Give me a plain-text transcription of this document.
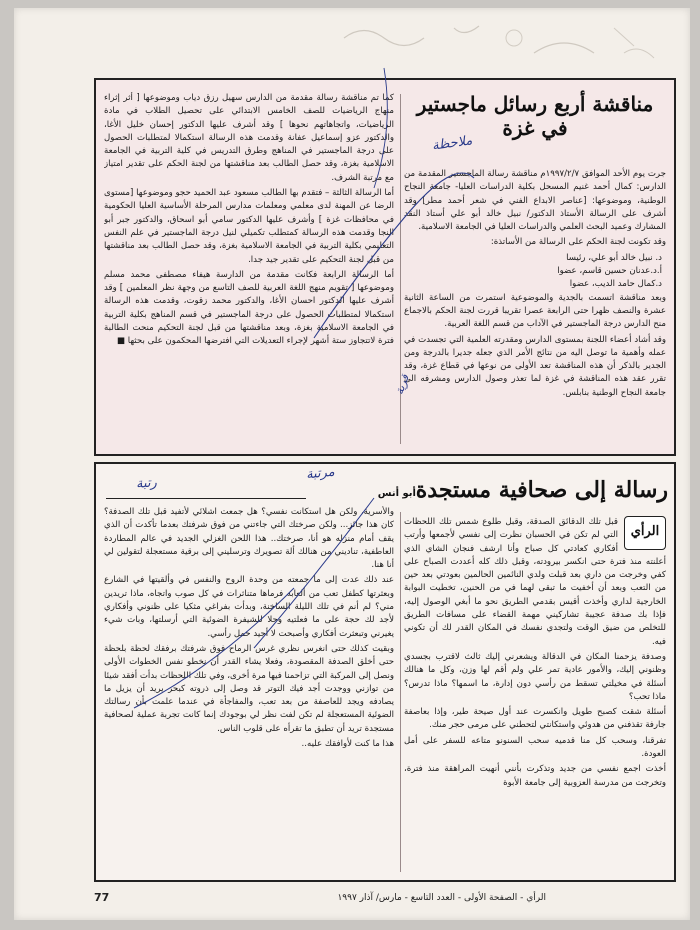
مناقشة أربع رسائل ماجستير في غزة

جرت يوم الأحد الموافق ١٩٩٧/٢/٧م مناقشة رسالة الماجستير المقدمة من الدارس: كمال أحمد غنيم المسحل بكلية الدراسات العليا- جامعة النجاح الوطنية، وموضوعها: [عناصر الابداع الفني في شعر أحمد مطر] وقد أشرف على الرسالة الأستاذ الدكتور/ نبيل خالد أبو علي أستاذ النقد المشارك وعميد البحث العلمي والدراسات العليا في الجامعة الاسلامية.

وقد تكونت لجنة الحكم على الرسالة من الأساتذة:

د. نبيل خالد أبو علي، رئيسا

أ.د.عدنان حسين قاسم، عضوا

د.كمال حامد الديب، عضوا

وبعد مناقشة اتسمت بالجدية والموضوعية استمرت من الساعة الثانية عشرة والنصف ظهرا حتى الرابعة عصرا تقريبا قررت لجنة الحكم بالاجماع منح الدارس درجة الماجستير في الآداب من قسم اللغة العربية.

وقد أشاد أعضاء اللجنة بمستوى الدارس ومقدرته العلمية التي تجسدت في عمله وأهمية ما توصل اليه من نتائج الأمر الذي جعله جديرا بالدرجة ومن الجدير بالذكر أن هذه المناقشة تعد الأولى من نوعها في قطاع غزة، وقد تقرر عقد هذه المناقشة في غزة لما تعذر وصول الدارس ومشرفه الى جامعة النجاح الوطنية بنابلس.

كما تم مناقشة رسالة مقدمة من الدارس سهيل رزق دياب وموضوعها [ أثر إثراء منهاج الرياضيات للصف الخامس الابتدائي على تحصيل الطلاب في مادة الرياضيات، واتجاهاتهم نحوها ] وقد أشرف عليها الدكتور إحسان خليل الأغا، والدكتور عزو إسماعيل عفانة وقدمت هذه الرسالة استكمالا لمتطلبات الحصول على درجة الماجستير في المناهج وطرق التدريس في كلية التربية في الجامعة الاسلامية بغزة، وقد حصل الطالب بعد مناقشتها من لجنة الحكم على تقدير امتياز مع مرتبة الشرف.

أما الرسالة الثالثة – فتقدم بها الطالب مسعود عبد الحميد حجو وموضوعها [مستوى الرضا عن المهنة لدى معلمي ومعلمات مدارس المرحلة الأساسية العليا الحكومية في محافظات غزة ] وأشرف عليها الدكتور سامي أبو اسحاق، والدكتور جبر أبو النجا وقدمت هذه الرسالة كمتطلب تكميلي لنيل درجة الماجستير في علم النفس التعليمي بكلية التربية في الجامعة الاسلامية بغزة، وقد حصل الطالب بعد مناقشتها من قبل لجنة التحكيم على تقدير جيد جدا.

أما الرسالة الرابعة فكانت مقدمة من الدارسة هيفاء مصطفى محمد مسلم وموضوعها [ تقويم منهج اللغة العربية للصف التاسع من وجهة نظر المعلمين ] وقد أشرف عليها الدكتور احسان الأغا، والدكتور محمد زقوت، وقدمت هذه الرسالة استكمالا لمتطلبات الحصول على درجة الماجستير في قسم المناهج بكلية التربية في الجامعة الاسلامية بغزة، وبعد مناقشتها من قبل لجنة التحكيم منحت الطالبة فترة لاتتجاوز ستة أشهر لإجراء التعديلات التي افترضها المحكمون على بحثها ■

ملاحظة
قرية
رسالة إلى صحافية مستجدة
أبو أنس
الرأي

قبل تلك الدقائق الصدقة، وقبل طلوع شمس تلك اللحظات التي لم تكن في الحسبان نظرت إلى نفسي لأجمعها وأرتب أفكاري كعادتي كل صباح وأنا ارشف فنجان الشاي الذي أعلنته منذ فترة حتى انكسر بيرودته، وقبل ذلك كله أعددت الصباح على كفي وخرجت من داري بعد قبلت ولدي النائمين الحالمين بعودتي بعد حين من التعب وبعد أن أخفيت ما تبقى لهما في من الحنين، تخطيت البوابة الخارجية لداري وأخذت أقيس بقدمي الطريق نحو ما أبغي الوصول إليه، فإذا بك صدفة عجيبة تشاركيني مهمة القضاء على مسافات الطريق للتخلص من ضيق الوقت ولتجدي نفسك في المكان القدر لك أن تكوني فيه.

وصدفة يزحمنا المكان في الدقالة ويشعرني إليك ثالث لاقترب بجسدي وظنوني إليك، والأمور عادية تمر علي ولم أقم لها وزن، وكل ما هنالك أسئلة في مخيلتي تسقط من رأسي دون إدارة، ما اسمها؟ ماذا تدرس؟ ماذا تحب؟

أسئلة شقت كصبح طويل وانكسرت عند أول صيحة طير، وإذا بعاصفة جارفة تقذفني من هدوئي واستكانتي لتحطني على مرمى حجر منك.

تفرقنا، وسحب كل منا قدميه سحب السنونو متاعه للسفر على أمل العودة.

أخذت اجمع نفسي من جديد وتذكرت بأنني أنهيت المراهقة منذ فترة، وتخرجت من مدرسة العزوبية إلى جامعة الأبوة

والأسرية، ولكن هل استكانت نفسي؟ هل جمعت اشلائي لأتفيد قبل تلك الصدفة؟ كان هذا جائز... ولكن صرختك التي جاءتني من فوق شرفتك بعدما تأكدت أن الذي يقف أمام منزله هو أنا، صرختك.. هذا اللحن الغزلي الجديد في عالم المطاردة العاطفية، تناديني من هنالك ألة تصويرك وترسليني إلى برقية مستعجلة لتقولين لي أنا هنا.

عند ذلك عدت إلى ما جمعته من وحدة الروح والنفس في وألقيتها في الشارع وبعثرتها كطفل تعب من ألعابه فرماها متناثرات في كل صوب واتجاه، ماذا تريدين مني؟ لم أنم في تلك الليلة الساخنة، وبدأت بفراغي مثكيا على ظنوني وأفكاري لأجد لك حجة على ما فعلتيه وحلا للشيفرة الضوئية التي أرسلتها، وبات شيء يغيرني وتبعثرت أفكاري وأصبحت لا أجيد حمل رأسي.

وبقيت كذلك حتى انغرس نظري غرس الرماح فوق شرفتك برفقك لحظة بلحظة حتى أخلق الصدفة المقصودة، وفعلا يشاء القدر أن نخطو نفس الخطوات الأولى ونصل إلى المركبة التي تزاحمنا فيها مرة أخرى، وفي تلك اللحظات بدأت أفقد شيئا من توازني ووجدت أجد فيك التوتر قد وصل إلى ذروته كبحر يريد أن يزيل ما يصادفه ويجد للعاصفة من بعد تعب، والمفاجأة في عندما علمت بأن رسالتك الضوئية المستعجلة لم تكن لفت نظر لي بوجودك إنما كانت تجربة عملية لصحافية مستجدة تريد أن تطبق ما تقرأه على قلوب الناس.

هذا ما كنت لأوافقك عليه..

مرتبة
رتبة
الرأي - الصفحة الأولى - العدد التاسع - مارس/ آذار ١٩٩٧
77
